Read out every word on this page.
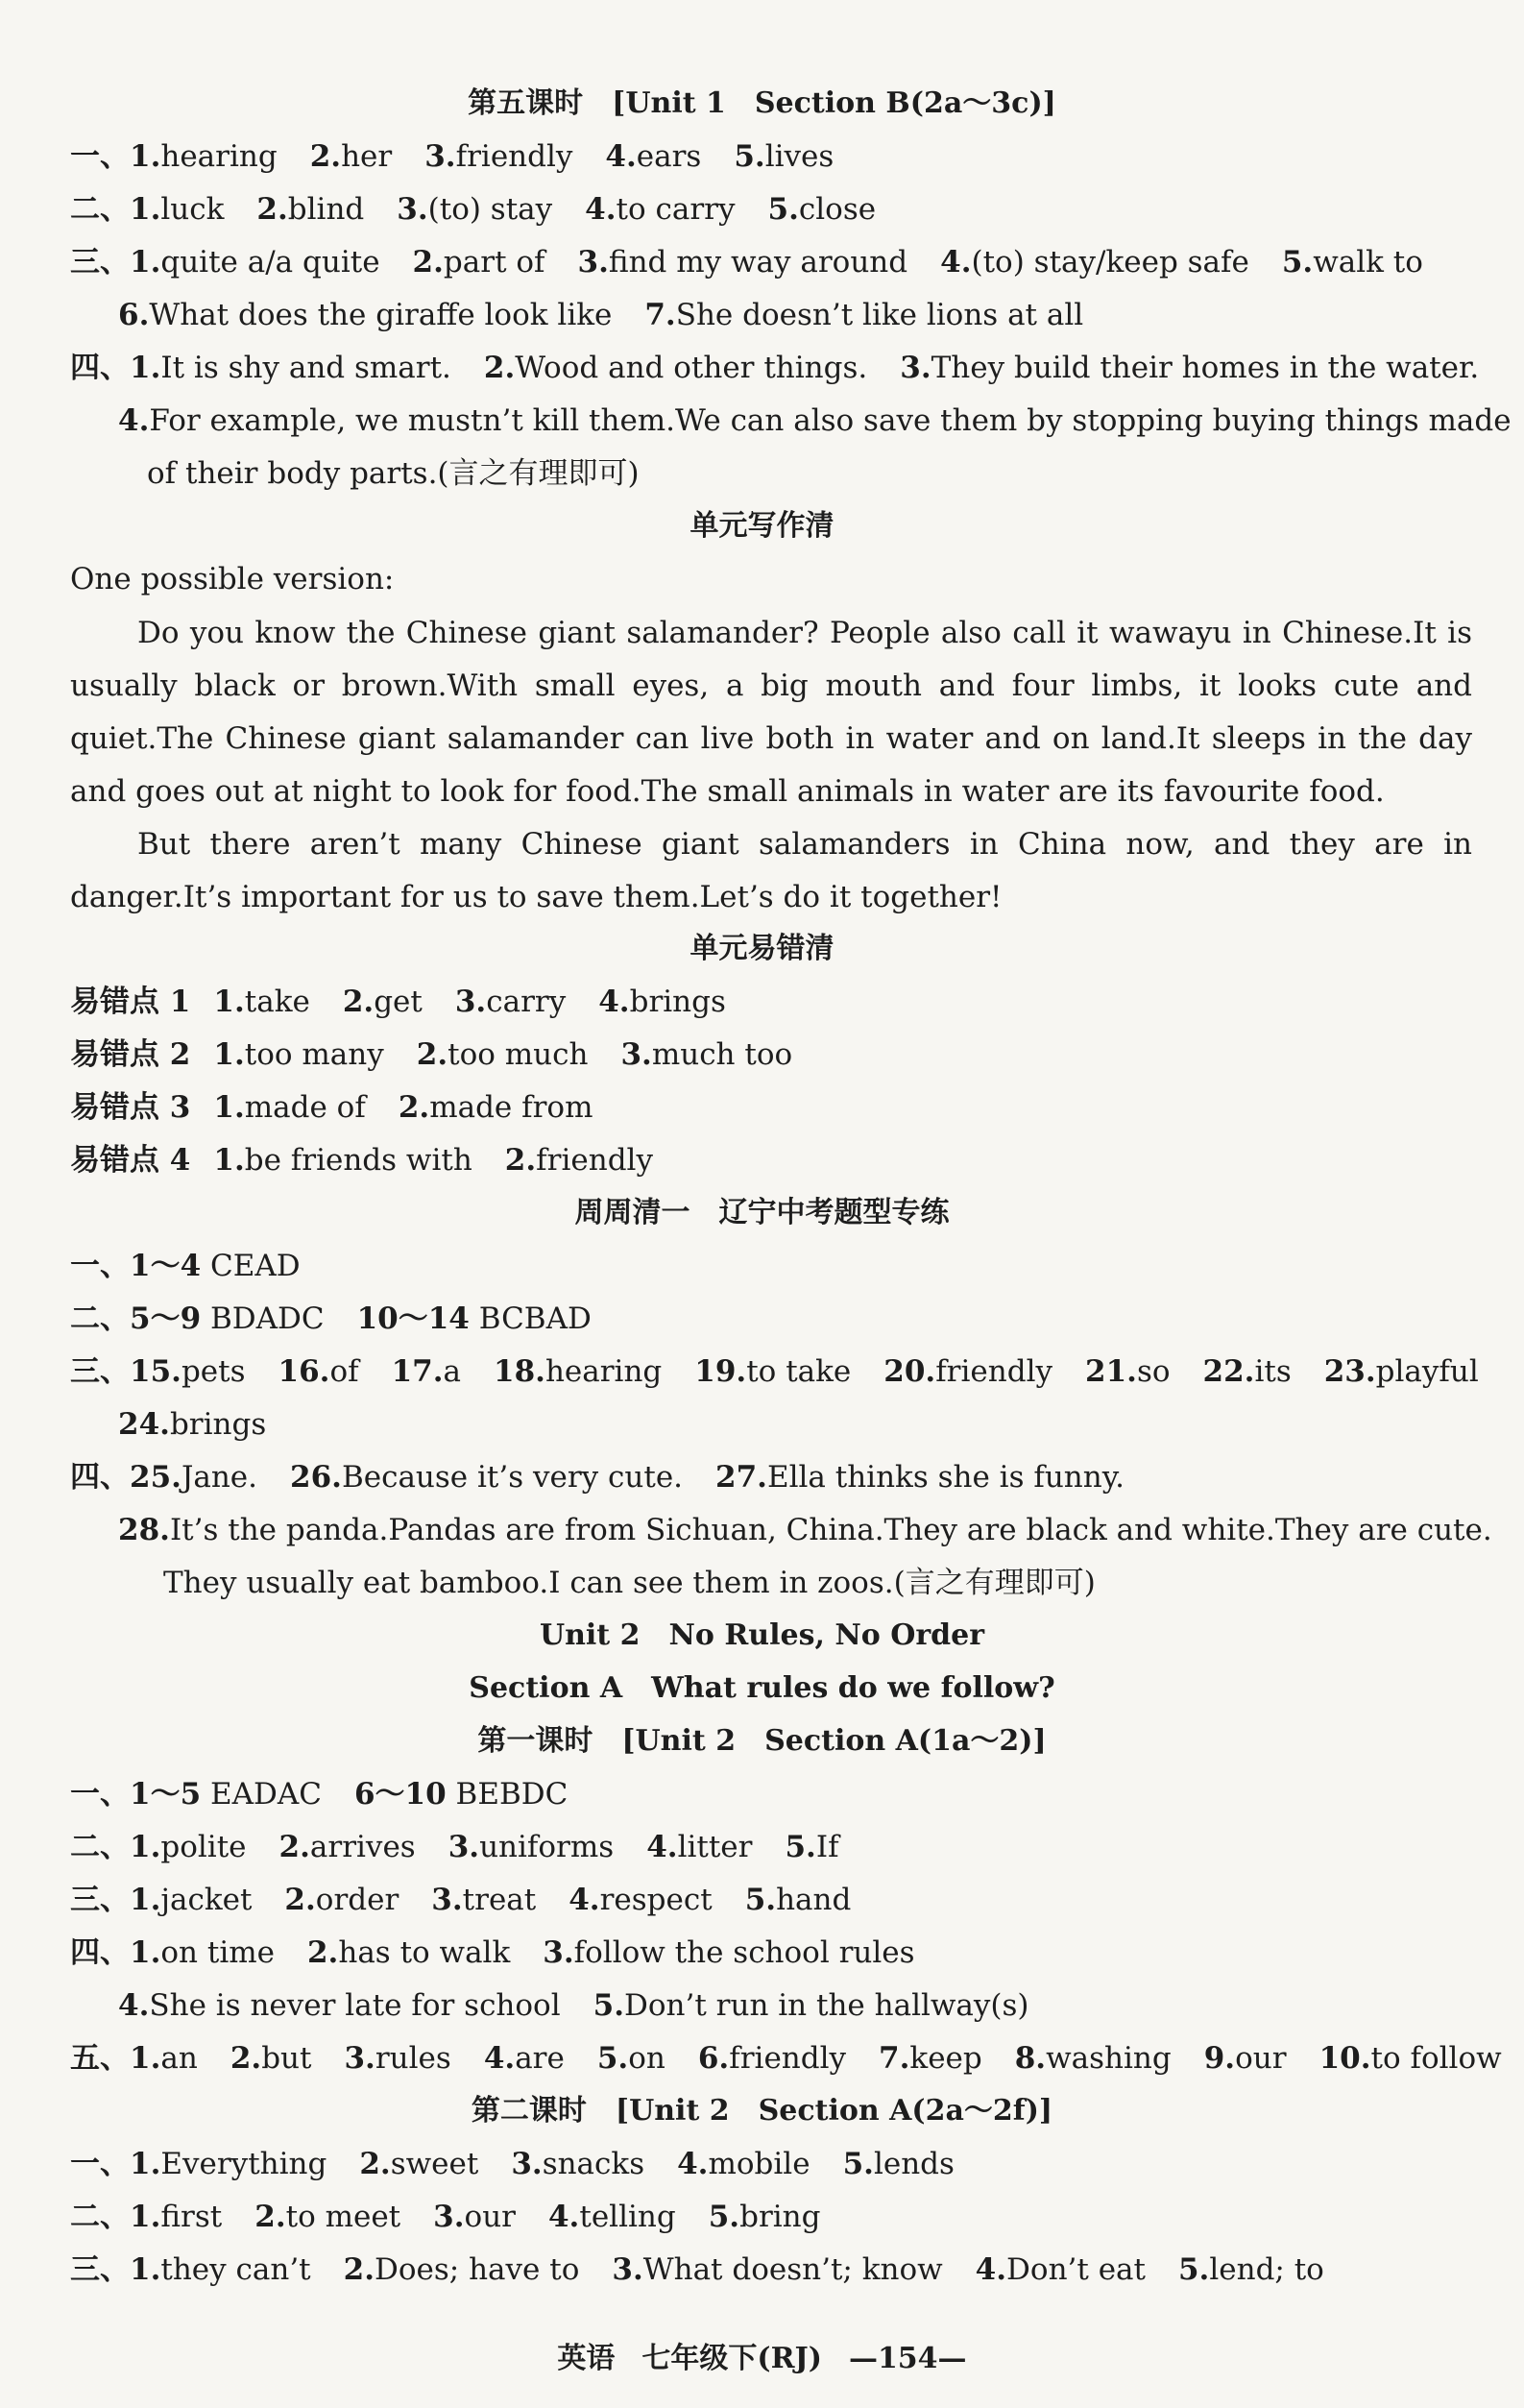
第五课时　[Unit 1　Section B(2a～3c)]
一、1.hearing 2.her 3.friendly 4.ears 5.lives
二、1.luck 2.blind 3.(to) stay 4.to carry 5.close
三、1.quite a/a quite 2.part of 3.find my way around 4.(to) stay/keep safe 5.walk to
6.What does the giraffe look like 7.She doesn’t like lions at all
四、1.It is shy and smart. 2.Wood and other things. 3.They build their homes in the water.
4.For example, we mustn’t kill them.We can also save them by stopping buying things made
of their body parts.(言之有理即可)
单元写作清
One possible version:
Do you know the Chinese giant salamander? People also call it wawayu in Chinese.It is usually black or brown.With small eyes, a big mouth and four limbs, it looks cute and quiet.The Chinese giant salamander can live both in water and on land.It sleeps in the day and goes out at night to look for food.The small animals in water are its favourite food.
But there aren’t many Chinese giant salamanders in China now, and they are in danger.It’s important for us to save them.Let’s do it together!
单元易错清
易错点 1 1.take 2.get 3.carry 4.brings
易错点 2 1.too many 2.too much 3.much too
易错点 3 1.made of 2.made from
易错点 4 1.be friends with 2.friendly
周周清一　辽宁中考题型专练
一、1～4 CEAD
二、5～9 BDADC 10～14 BCBAD
三、15.pets 16.of 17.a 18.hearing 19.to take 20.friendly 21.so 22.its 23.playful
24.brings
四、25.Jane. 26.Because it’s very cute. 27.Ella thinks she is funny.
28.It’s the panda.Pandas are from Sichuan, China.They are black and white.They are cute.
They usually eat bamboo.I can see them in zoos.(言之有理即可)
Unit 2　No Rules, No Order
Section A　What rules do we follow?
第一课时　[Unit 2　Section A(1a～2)]
一、1～5 EADAC 6～10 BEBDC
二、1.polite 2.arrives 3.uniforms 4.litter 5.If
三、1.jacket 2.order 3.treat 4.respect 5.hand
四、1.on time 2.has to walk 3.follow the school rules
4.She is never late for school 5.Don’t run in the hallway(s)
五、1.an 2.but 3.rules 4.are 5.on 6.friendly 7.keep 8.washing 9.our 10.to follow
第二课时　[Unit 2　Section A(2a～2f)]
一、1.Everything 2.sweet 3.snacks 4.mobile 5.lends
二、1.first 2.to meet 3.our 4.telling 5.bring
三、1.they can’t 2.Does; have to 3.What doesn’t; know 4.Don’t eat 5.lend; to
英语 七年级下(RJ) —154—
